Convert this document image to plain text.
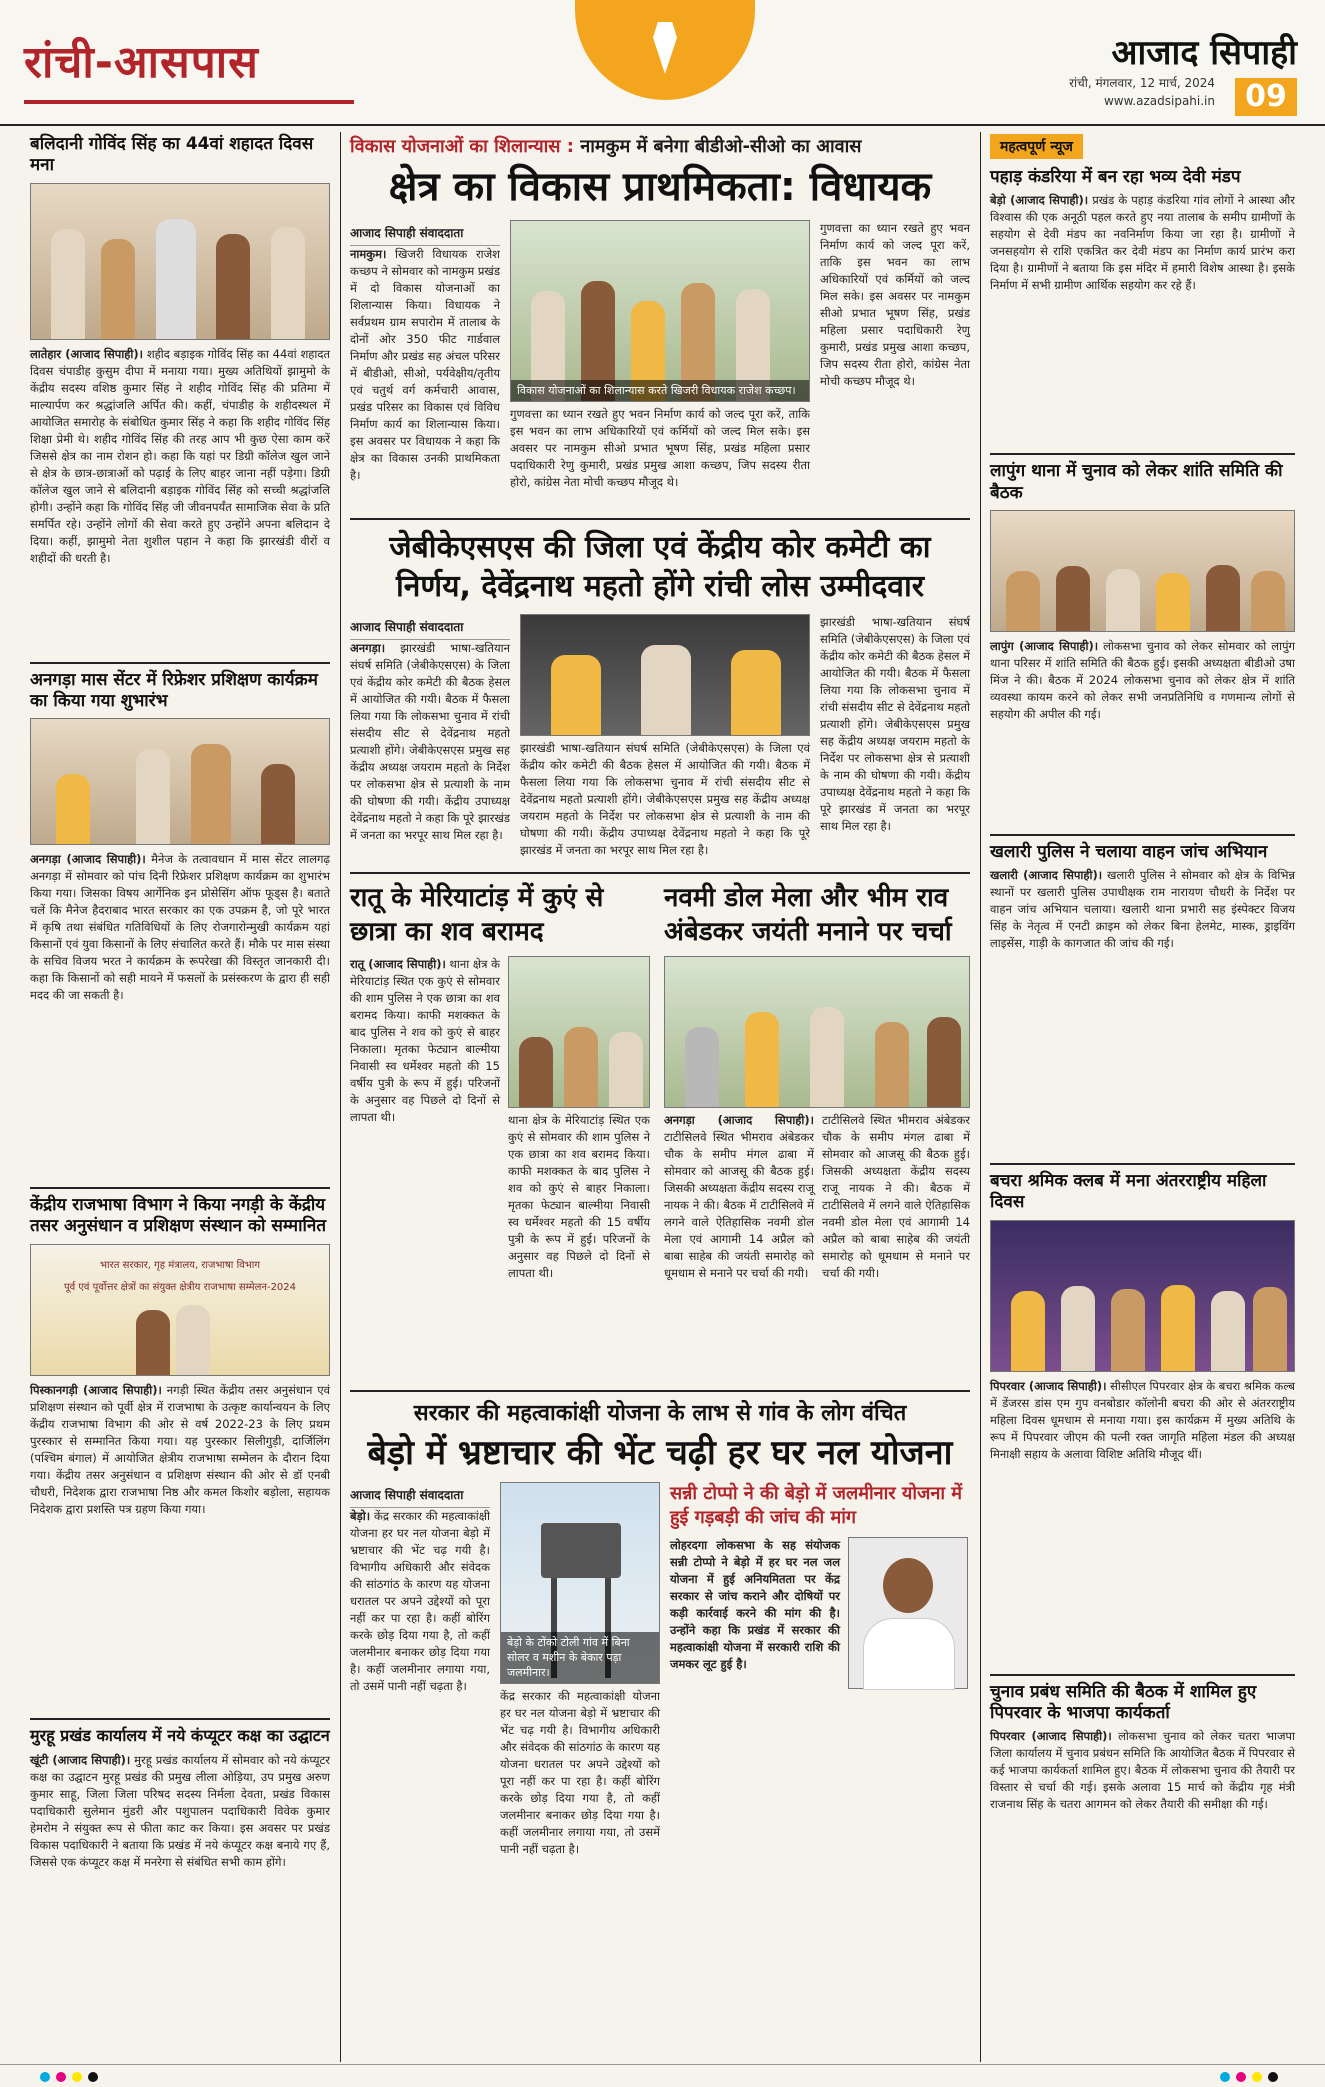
रांची-आसपास	आजाद सिपाही
रांची, मंगलवार, 12 मार्च, 2024
www.azadsipahi.in	09
बलिदानी गोविंद सिंह का 44वां शहादत दिवस मना

लातेहार (आजाद सिपाही)। शहीद बड़ाइक गोविंद सिंह का 44वां शहादत दिवस चंपाडीह कुसुम दीपा में मनाया गया। मुख्य अतिथियों झामुमो के केंद्रीय सदस्य वशिष्ठ कुमार सिंह ने शहीद गोविंद सिंह की प्रतिमा में माल्यार्पण कर श्रद्धांजलि अर्पित की। कहीं, चंपाडीह के शहीदस्थल में आयोजित समारोह के संबोधित कुमार सिंह ने कहा कि शहीद गोविंद सिंह शिक्षा प्रेमी थे। शहीद गोविंद सिंह की तरह आप भी कुछ ऐसा काम करें जिससे क्षेत्र का नाम रोशन हो। कहा कि यहां पर डिग्री कॉलेज खुल जाने से क्षेत्र के छात्र-छात्राओं को पढ़ाई के लिए बाहर जाना नहीं पड़ेगा। डिग्री कॉलेज खुल जाने से बलिदानी बड़ाइक गोविंद सिंह को सच्ची श्रद्धांजलि होगी। उन्होंने कहा कि गोविंद सिंह जी जीवनपर्यंत सामाजिक सेवा के प्रति समर्पित रहे। उन्होंने लोगों की सेवा करते हुए उन्होंने अपना बलिदान दे दिया। कहीं, झामुमो नेता शुशील पहान ने कहा कि झारखंडी वीरों व शहीदों की धरती है।

अनगड़ा मास सेंटर में रिफ्रेशर प्रशिक्षण कार्यक्रम का किया गया शुभारंभ

अनगड़ा (आजाद सिपाही)। मैनेज के तत्वावधान में मास सेंटर लालगढ़ अनगड़ा में सोमवार को पांच दिनी रिफ्रेशर प्रशिक्षण कार्यक्रम का शुभारंभ किया गया। जिसका विषय आर्गेनिक इन प्रोसेसिंग ऑफ फूड्स है। बताते चलें कि मैनेज हैदराबाद भारत सरकार का एक उपक्रम है, जो पूरे भारत में कृषि तथा संबंधित गतिविधियों के लिए रोजगारोन्मुखी कार्यक्रम यहां किसानों एवं युवा किसानों के लिए संचालित करते हैं। मौके पर मास संस्था के सचिव विजय भरत ने कार्यक्रम के रूपरेखा की विस्तृत जानकारी दी। कहा कि किसानों को सही मायने में फसलों के प्रसंस्करण के द्वारा ही सही मदद की जा सकती है।

केंद्रीय राजभाषा विभाग ने किया नगड़ी के केंद्रीय तसर अनुसंधान व प्रशिक्षण संस्थान को सम्मानित
भारत सरकार, गृह मंत्रालय, राजभाषा विभाग
पूर्व एवं पूर्वोत्तर क्षेत्रों का संयुक्त क्षेत्रीय राजभाषा सम्मेलन-2024

पिस्कानगड़ी (आजाद सिपाही)। नगड़ी स्थित केंद्रीय तसर अनुसंधान एवं प्रशिक्षण संस्थान को पूर्वी क्षेत्र में राजभाषा के उत्कृष्ट कार्यान्वयन के लिए केंद्रीय राजभाषा विभाग की ओर से वर्ष 2022-23 के लिए प्रथम पुरस्कार से सम्मानित किया गया। यह पुरस्कार सिलीगुड़ी, दार्जिलिंग (पश्चिम बंगाल) में आयोजित क्षेत्रीय राजभाषा सम्मेलन के दौरान दिया गया। केंद्रीय तसर अनुसंधान व प्रशिक्षण संस्थान की ओर से डॉ एनबी चौधरी, निदेशक द्वारा राजभाषा निष्ठ और कमल किशोर बड़ोला, सहायक निदेशक द्वारा प्रशस्ति पत्र ग्रहण किया गया।

मुरहू प्रखंड कार्यालय में नये कंप्यूटर कक्ष का उद्घाटन

खूंटी (आजाद सिपाही)। मुरहू प्रखंड कार्यालय में सोमवार को नये कंप्यूटर कक्ष का उद्घाटन मुरहू प्रखंड की प्रमुख लीला ओड़िया, उप प्रमुख अरुण कुमार साहू, जिला जिला परिषद सदस्य निर्मला देवता, प्रखंड विकास पदाधिकारी सुलेमान मुंडरी और पशुपालन पदाधिकारी विवेक कुमार हेमरोम ने संयुक्त रूप से फीता काट कर किया। इस अवसर पर प्रखंड विकास पदाधिकारी ने बताया कि प्रखंड में नये कंप्यूटर कक्ष बनाये गए हैं, जिससे एक कंप्यूटर कक्ष में मनरेगा से संबंधित सभी काम होंगे।

विकास योजनाओं का शिलान्यास : नामकुम में बनेगा बीडीओ-सीओ का आवास
क्षेत्र का विकास प्राथमिकता: विधायक
आजाद सिपाही संवाददाता

नामकुम। खिजरी विधायक राजेश कच्छप ने सोमवार को नामकुम प्रखंड में दो विकास योजनाओं का शिलान्यास किया। विधायक ने सर्वप्रथम ग्राम सपारोम में तालाब के दोनों ओर 350 फीट गार्डवाल निर्माण और प्रखंड सह अंचल परिसर में बीडीओ, सीओ, पर्यवेक्षीय/तृतीय एवं चतुर्थ वर्ग कर्मचारी आवास, प्रखंड परिसर का विकास एवं विविध निर्माण कार्य का शिलान्यास किया। इस अवसर पर विधायक ने कहा कि क्षेत्र का विकास उनकी प्राथमिकता है।

विकास योजनाओं का शिलान्यास करते खिजरी विधायक राजेश कच्छप।

गुणवत्ता का ध्यान रखते हुए भवन निर्माण कार्य को जल्द पूरा करें, ताकि इस भवन का लाभ अधिकारियों एवं कर्मियों को जल्द मिल सके। इस अवसर पर नामकुम सीओ प्रभात भूषण सिंह, प्रखंड महिला प्रसार पदाधिकारी रेणु कुमारी, प्रखंड प्रमुख आशा कच्छप, जिप सदस्य रीता होरो, कांग्रेस नेता मोची कच्छप मौजूद थे।

गुणवत्ता का ध्यान रखते हुए भवन निर्माण कार्य को जल्द पूरा करें, ताकि इस भवन का लाभ अधिकारियों एवं कर्मियों को जल्द मिल सके। इस अवसर पर नामकुम सीओ प्रभात भूषण सिंह, प्रखंड महिला प्रसार पदाधिकारी रेणु कुमारी, प्रखंड प्रमुख आशा कच्छप, जिप सदस्य रीता होरो, कांग्रेस नेता मोची कच्छप मौजूद थे।

जेबीकेएसएस की जिला एवं केंद्रीय कोर कमेटी का निर्णय, देवेंद्रनाथ महतो होंगे रांची लोस उम्मीदवार
आजाद सिपाही संवाददाता

अनगड़ा। झारखंडी भाषा-खतियान संघर्ष समिति (जेबीकेएसएस) के जिला एवं केंद्रीय कोर कमेटी की बैठक हेसल में आयोजित की गयी। बैठक में फैसला लिया गया कि लोकसभा चुनाव में रांची संसदीय सीट से देवेंद्रनाथ महतो प्रत्याशी होंगे। जेबीकेएसएस प्रमुख सह केंद्रीय अध्यक्ष जयराम महतो के निर्देश पर लोकसभा क्षेत्र से प्रत्याशी के नाम की घोषणा की गयी। केंद्रीय उपाध्यक्ष देवेंद्रनाथ महतो ने कहा कि पूरे झारखंड में जनता का भरपूर साथ मिल रहा है।

झारखंडी भाषा-खतियान संघर्ष समिति (जेबीकेएसएस) के जिला एवं केंद्रीय कोर कमेटी की बैठक हेसल में आयोजित की गयी। बैठक में फैसला लिया गया कि लोकसभा चुनाव में रांची संसदीय सीट से देवेंद्रनाथ महतो प्रत्याशी होंगे। जेबीकेएसएस प्रमुख सह केंद्रीय अध्यक्ष जयराम महतो के निर्देश पर लोकसभा क्षेत्र से प्रत्याशी के नाम की घोषणा की गयी। केंद्रीय उपाध्यक्ष देवेंद्रनाथ महतो ने कहा कि पूरे झारखंड में जनता का भरपूर साथ मिल रहा है।

झारखंडी भाषा-खतियान संघर्ष समिति (जेबीकेएसएस) के जिला एवं केंद्रीय कोर कमेटी की बैठक हेसल में आयोजित की गयी। बैठक में फैसला लिया गया कि लोकसभा चुनाव में रांची संसदीय सीट से देवेंद्रनाथ महतो प्रत्याशी होंगे। जेबीकेएसएस प्रमुख सह केंद्रीय अध्यक्ष जयराम महतो के निर्देश पर लोकसभा क्षेत्र से प्रत्याशी के नाम की घोषणा की गयी। केंद्रीय उपाध्यक्ष देवेंद्रनाथ महतो ने कहा कि पूरे झारखंड में जनता का भरपूर साथ मिल रहा है।

रातू के मेरियाटांड़ में कुएं से छात्रा का शव बरामद

रातू (आजाद सिपाही)। थाना क्षेत्र के मेरियाटांड़ स्थित एक कुएं से सोमवार की शाम पुलिस ने एक छात्रा का शव बरामद किया। काफी मशक्कत के बाद पुलिस ने शव को कुएं से बाहर निकाला। मृतका फेट्यान बाल्मीया निवासी स्व धर्मेश्वर महतो की 15 वर्षीय पुत्री के रूप में हुई। परिजनों के अनुसार वह पिछले दो दिनों से लापता थी।	थाना क्षेत्र के मेरियाटांड़ स्थित एक कुएं से सोमवार की शाम पुलिस ने एक छात्रा का शव बरामद किया। काफी मशक्कत के बाद पुलिस ने शव को कुएं से बाहर निकाला। मृतका फेट्यान बाल्मीया निवासी स्व धर्मेश्वर महतो की 15 वर्षीय पुत्री के रूप में हुई। परिजनों के अनुसार वह पिछले दो दिनों से लापता थी।

नवमी डोल मेला और भीम राव अंबेडकर जयंती मनाने पर चर्चा

अनगड़ा (आजाद सिपाही)। टाटीसिलवे स्थित भीमराव अंबेडकर चौक के समीप मंगल ढाबा में सोमवार को आजसू की बैठक हुई। जिसकी अध्यक्षता केंद्रीय सदस्य राजू नायक ने की। बैठक में टाटीसिलवे में लगने वाले ऐतिहासिक नवमी डोल मेला एवं आगामी 14 अप्रैल को बाबा साहेब की जयंती समारोह को धूमधाम से मनाने पर चर्चा की गयी।

टाटीसिलवे स्थित भीमराव अंबेडकर चौक के समीप मंगल ढाबा में सोमवार को आजसू की बैठक हुई। जिसकी अध्यक्षता केंद्रीय सदस्य राजू नायक ने की। बैठक में टाटीसिलवे में लगने वाले ऐतिहासिक नवमी डोल मेला एवं आगामी 14 अप्रैल को बाबा साहेब की जयंती समारोह को धूमधाम से मनाने पर चर्चा की गयी।

सरकार की महत्वाकांक्षी योजना के लाभ से गांव के लोग वंचित
बेड़ो में भ्रष्टाचार की भेंट चढ़ी हर घर नल योजना
आजाद सिपाही संवाददाता

बेड़ो। केंद्र सरकार की महत्वाकांक्षी योजना हर घर नल योजना बेड़ो में भ्रष्टाचार की भेंट चढ़ गयी है। विभागीय अधिकारी और संवेदक की सांठगांठ के कारण यह योजना धरातल पर अपने उद्देश्यों को पूरा नहीं कर पा रहा है। कहीं बोरिंग करके छोड़ दिया गया है, तो कहीं जलमीनार बनाकर छोड़ दिया गया है। कहीं जलमीनार लगाया गया, तो उसमें पानी नहीं चढ़ता है।

बेड़ो के टोंको टोली गांव में बिना सोलर व मशीन के बेकार पड़ा जलमीनार।

केंद्र सरकार की महत्वाकांक्षी योजना हर घर नल योजना बेड़ो में भ्रष्टाचार की भेंट चढ़ गयी है। विभागीय अधिकारी और संवेदक की सांठगांठ के कारण यह योजना धरातल पर अपने उद्देश्यों को पूरा नहीं कर पा रहा है। कहीं बोरिंग करके छोड़ दिया गया है, तो कहीं जलमीनार बनाकर छोड़ दिया गया है। कहीं जलमीनार लगाया गया, तो उसमें पानी नहीं चढ़ता है।

सन्नी टोप्पो ने की बेड़ो में जलमीनार योजना में हुई गड़बड़ी की जांच की मांग

लोहरदगा लोकसभा के सह संयोजक सन्नी टोप्पो ने बेड़ो में हर घर नल जल योजना में हुई अनियमितता पर केंद्र सरकार से जांच कराने और दोषियों पर कड़ी कार्रवाई करने की मांग की है। उन्होंने कहा कि प्रखंड में सरकार की महत्वाकांक्षी योजना में सरकारी राशि की जमकर लूट हुई है।

महत्वपूर्ण न्यूज
पहाड़ कंडरिया में बन रहा भव्य देवी मंडप

बेड़ो (आजाद सिपाही)। प्रखंड के पहाड़ कंडरिया गांव लोगों ने आस्था और विश्वास की एक अनूठी पहल करते हुए नया तालाब के समीप ग्रामीणों के सहयोग से देवी मंडप का नवनिर्माण किया जा रहा है। ग्रामीणों ने जनसहयोग से राशि एकत्रित कर देवी मंडप का निर्माण कार्य प्रारंभ करा दिया है। ग्रामीणों ने बताया कि इस मंदिर में हमारी विशेष आस्था है। इसके निर्माण में सभी ग्रामीण आर्थिक सहयोग कर रहे हैं।

लापुंग थाना में चुनाव को लेकर शांति समिति की बैठक

लापुंग (आजाद सिपाही)। लोकसभा चुनाव को लेकर सोमवार को लापुंग थाना परिसर में शांति समिति की बैठक हुई। इसकी अध्यक्षता बीडीओ उषा मिंज ने की। बैठक में 2024 लोकसभा चुनाव को लेकर क्षेत्र में शांति व्यवस्था कायम करने को लेकर सभी जनप्रतिनिधि व गणमान्य लोगों से सहयोग की अपील की गई।

खलारी पुलिस ने चलाया वाहन जांच अभियान

खलारी (आजाद सिपाही)। खलारी पुलिस ने सोमवार को क्षेत्र के विभिन्न स्थानों पर खलारी पुलिस उपाधीक्षक राम नारायण चौधरी के निर्देश पर वाहन जांच अभियान चलाया। खलारी थाना प्रभारी सह इंस्पेक्टर विजय सिंह के नेतृत्व में एनटी क्राइम को लेकर बिना हेलमेट, मास्क, ड्राइविंग लाइसेंस, गाड़ी के कागजात की जांच की गई।

बचरा श्रमिक क्लब में मना अंतरराष्ट्रीय महिला दिवस

पिपरवार (आजाद सिपाही)। सीसीएल पिपरवार क्षेत्र के बचरा श्रमिक कल्ब में डेंजरस डांस एम गुप वनबोडार कॉलोनी बचरा की ओर से अंतरराष्ट्रीय महिला दिवस धूमधाम से मनाया गया। इस कार्यक्रम में मुख्य अतिथि के रूप में पिपरवार जीएम की पत्नी रक्त जागृति महिला मंडल की अध्यक्ष मिनाक्षी सहाय के अलावा विशिष्ट अतिथि मौजूद थीं।

चुनाव प्रबंध समिति की बैठक में शामिल हुए पिपरवार के भाजपा कार्यकर्ता

पिपरवार (आजाद सिपाही)। लोकसभा चुनाव को लेकर चतरा भाजपा जिला कार्यालय में चुनाव प्रबंधन समिति कि आयोजित बैठक में पिपरवार से कई भाजपा कार्यकर्ता शामिल हुए। बैठक में लोकसभा चुनाव की तैयारी पर विस्तार से चर्चा की गई। इसके अलावा 15 मार्च को केंद्रीय गृह मंत्री राजनाथ सिंह के चतरा आगमन को लेकर तैयारी की समीक्षा की गई।
